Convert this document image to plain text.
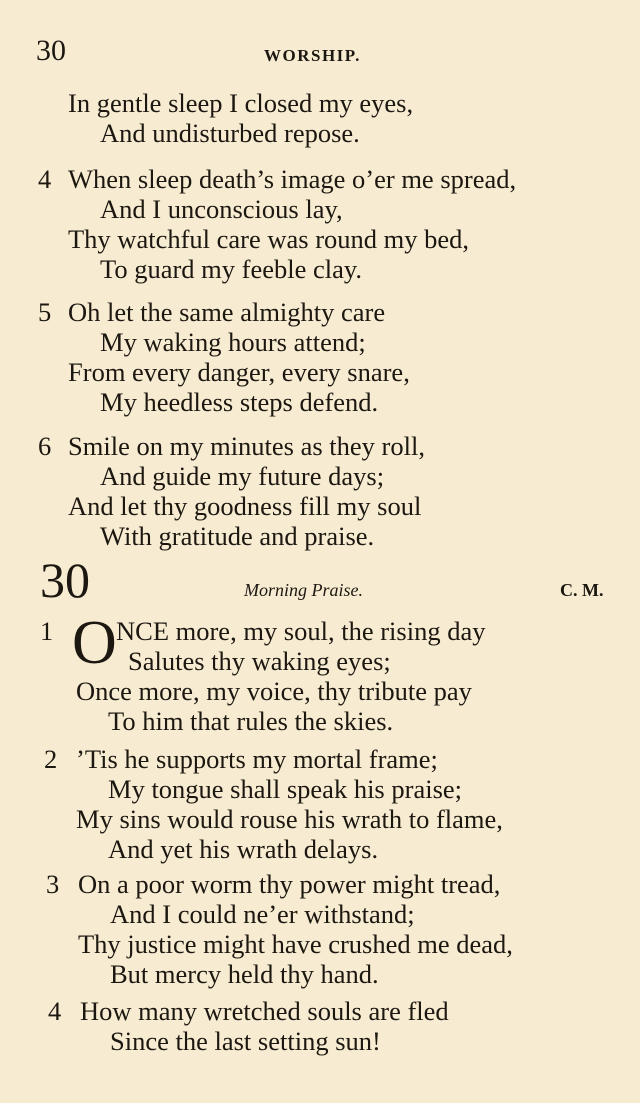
30	WORSHIP.
In gentle sleep I closed my eyes,
And undisturbed repose.
4 When sleep death’s image o’er me spread,
And I unconscious lay,
Thy watchful care was round my bed,
To guard my feeble clay.
5 Oh let the same almighty care
My waking hours attend;
From every danger, every snare,
My heedless steps defend.
6 Smile on my minutes as they roll,
And guide my future days;
And let thy goodness fill my soul
With gratitude and praise.
30	Morning Praise.	C. M.
1 O NCE more, my soul, the rising day
Salutes thy waking eyes;
Once more, my voice, thy tribute pay
To him that rules the skies.
2 ’Tis he supports my mortal frame;
My tongue shall speak his praise;
My sins would rouse his wrath to flame,
And yet his wrath delays.
3 On a poor worm thy power might tread,
And I could ne’er withstand;
Thy justice might have crushed me dead,
But mercy held thy hand.
4 How many wretched souls are fled
Since the last setting sun!
